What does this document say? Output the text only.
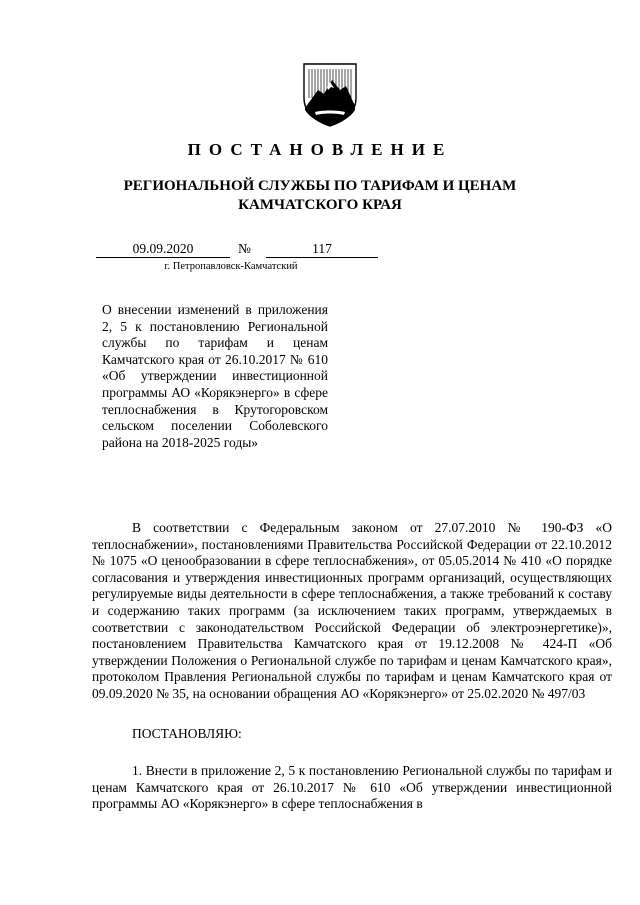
ПОСТАНОВЛЕНИЕ
РЕГИОНАЛЬНОЙ СЛУЖБЫ ПО ТАРИФАМ И ЦЕНАМ
КАМЧАТСКОГО КРАЯ
09.09.2020	№	117
г. Петропавловск-Камчатский
О внесении изменений в приложения 2, 5 к постановлению Региональной службы по тарифам и ценам Камчатского края от 26.10.2017 № 610 «Об утверждении инвестиционной программы АО «Корякэнерго» в сфере теплоснабжения в Крутогоровском сельском поселении Соболевского района на 2018-2025 годы»

В соответствии с Федеральным законом от 27.07.2010 № 190-ФЗ «О теплоснабжении», постановлениями Правительства Российской Федерации от 22.10.2012 № 1075 «О ценообразовании в сфере теплоснабжения», от 05.05.2014 № 410 «О порядке согласования и утверждения инвестиционных программ организаций, осуществляющих регулируемые виды деятельности в сфере теплоснабжения, а также требований к составу и содержанию таких программ (за исключением таких программ, утверждаемых в соответствии с законодательством Российской Федерации об электроэнергетике)», постановлением Правительства Камчатского края от 19.12.2008 № 424-П «Об утверждении Положения о Региональной службе по тарифам и ценам Камчатского края», протоколом Правления Региональной службы по тарифам и ценам Камчатского края от 09.09.2020 № 35, на основании обращения АО «Корякэнерго» от 25.02.2020 № 497/03

ПОСТАНОВЛЯЮ:

1. Внести в приложение 2, 5 к постановлению Региональной службы по тарифам и ценам Камчатского края от 26.10.2017 № 610 «Об утверждении инвестиционной программы АО «Корякэнерго» в сфере теплоснабжения в
